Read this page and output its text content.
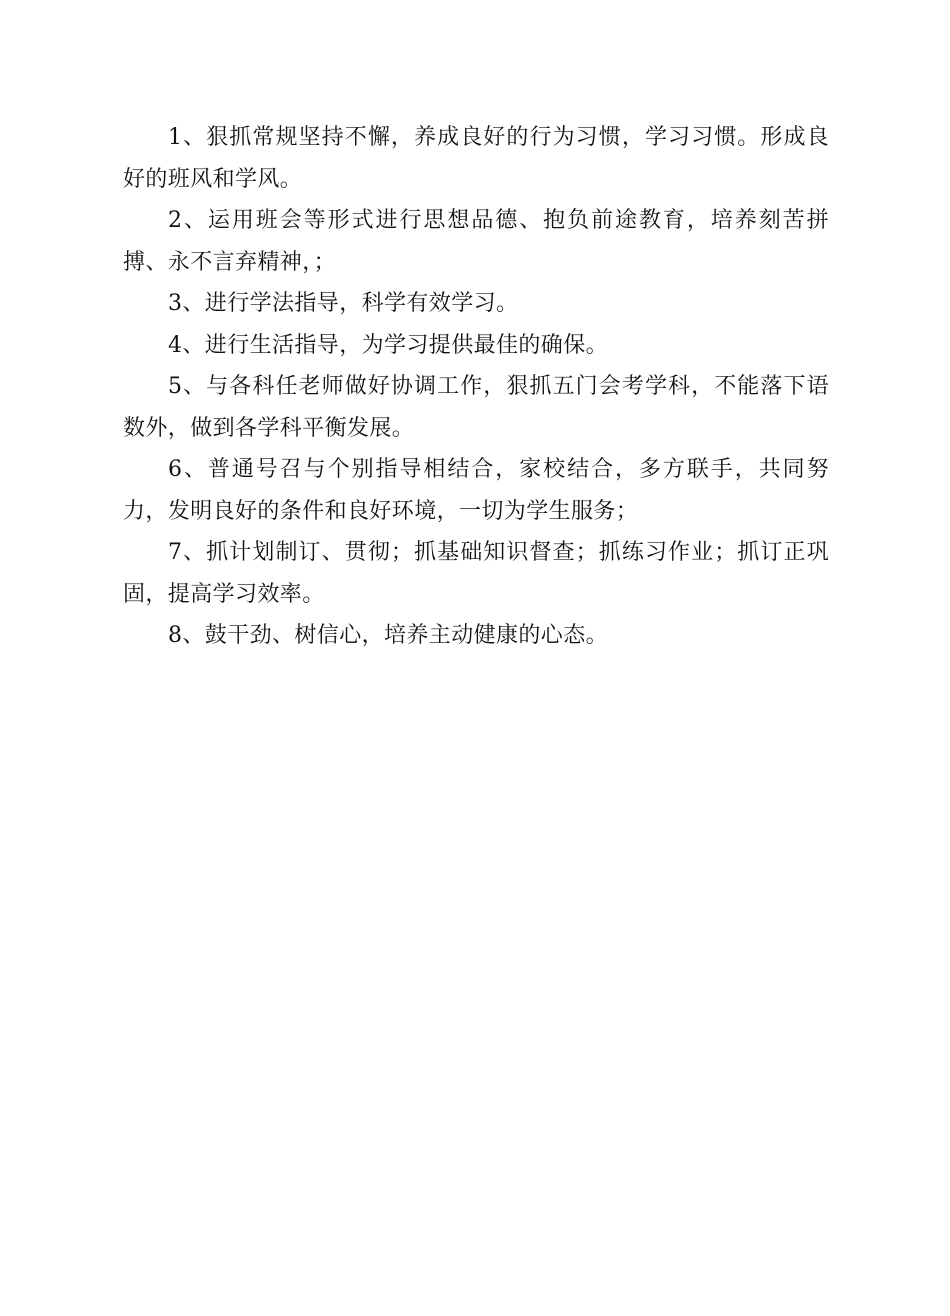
1、狠抓常规坚持不懈，养成良好的行为习惯，学习习惯。形成良好的班风和学风。

2、运用班会等形式进行思想品德、抱负前途教育，培养刻苦拼搏、永不言弃精神，；

3、进行学法指导，科学有效学习。

4、进行生活指导，为学习提供最佳的确保。

5、与各科任老师做好协调工作，狠抓五门会考学科，不能落下语数外，做到各学科平衡发展。

6、普通号召与个别指导相结合，家校结合，多方联手，共同努力，发明良好的条件和良好环境，一切为学生服务；

7、抓计划制订、贯彻；抓基础知识督查；抓练习作业；抓订正巩固，提高学习效率。

8、鼓干劲、树信心，培养主动健康的心态。
